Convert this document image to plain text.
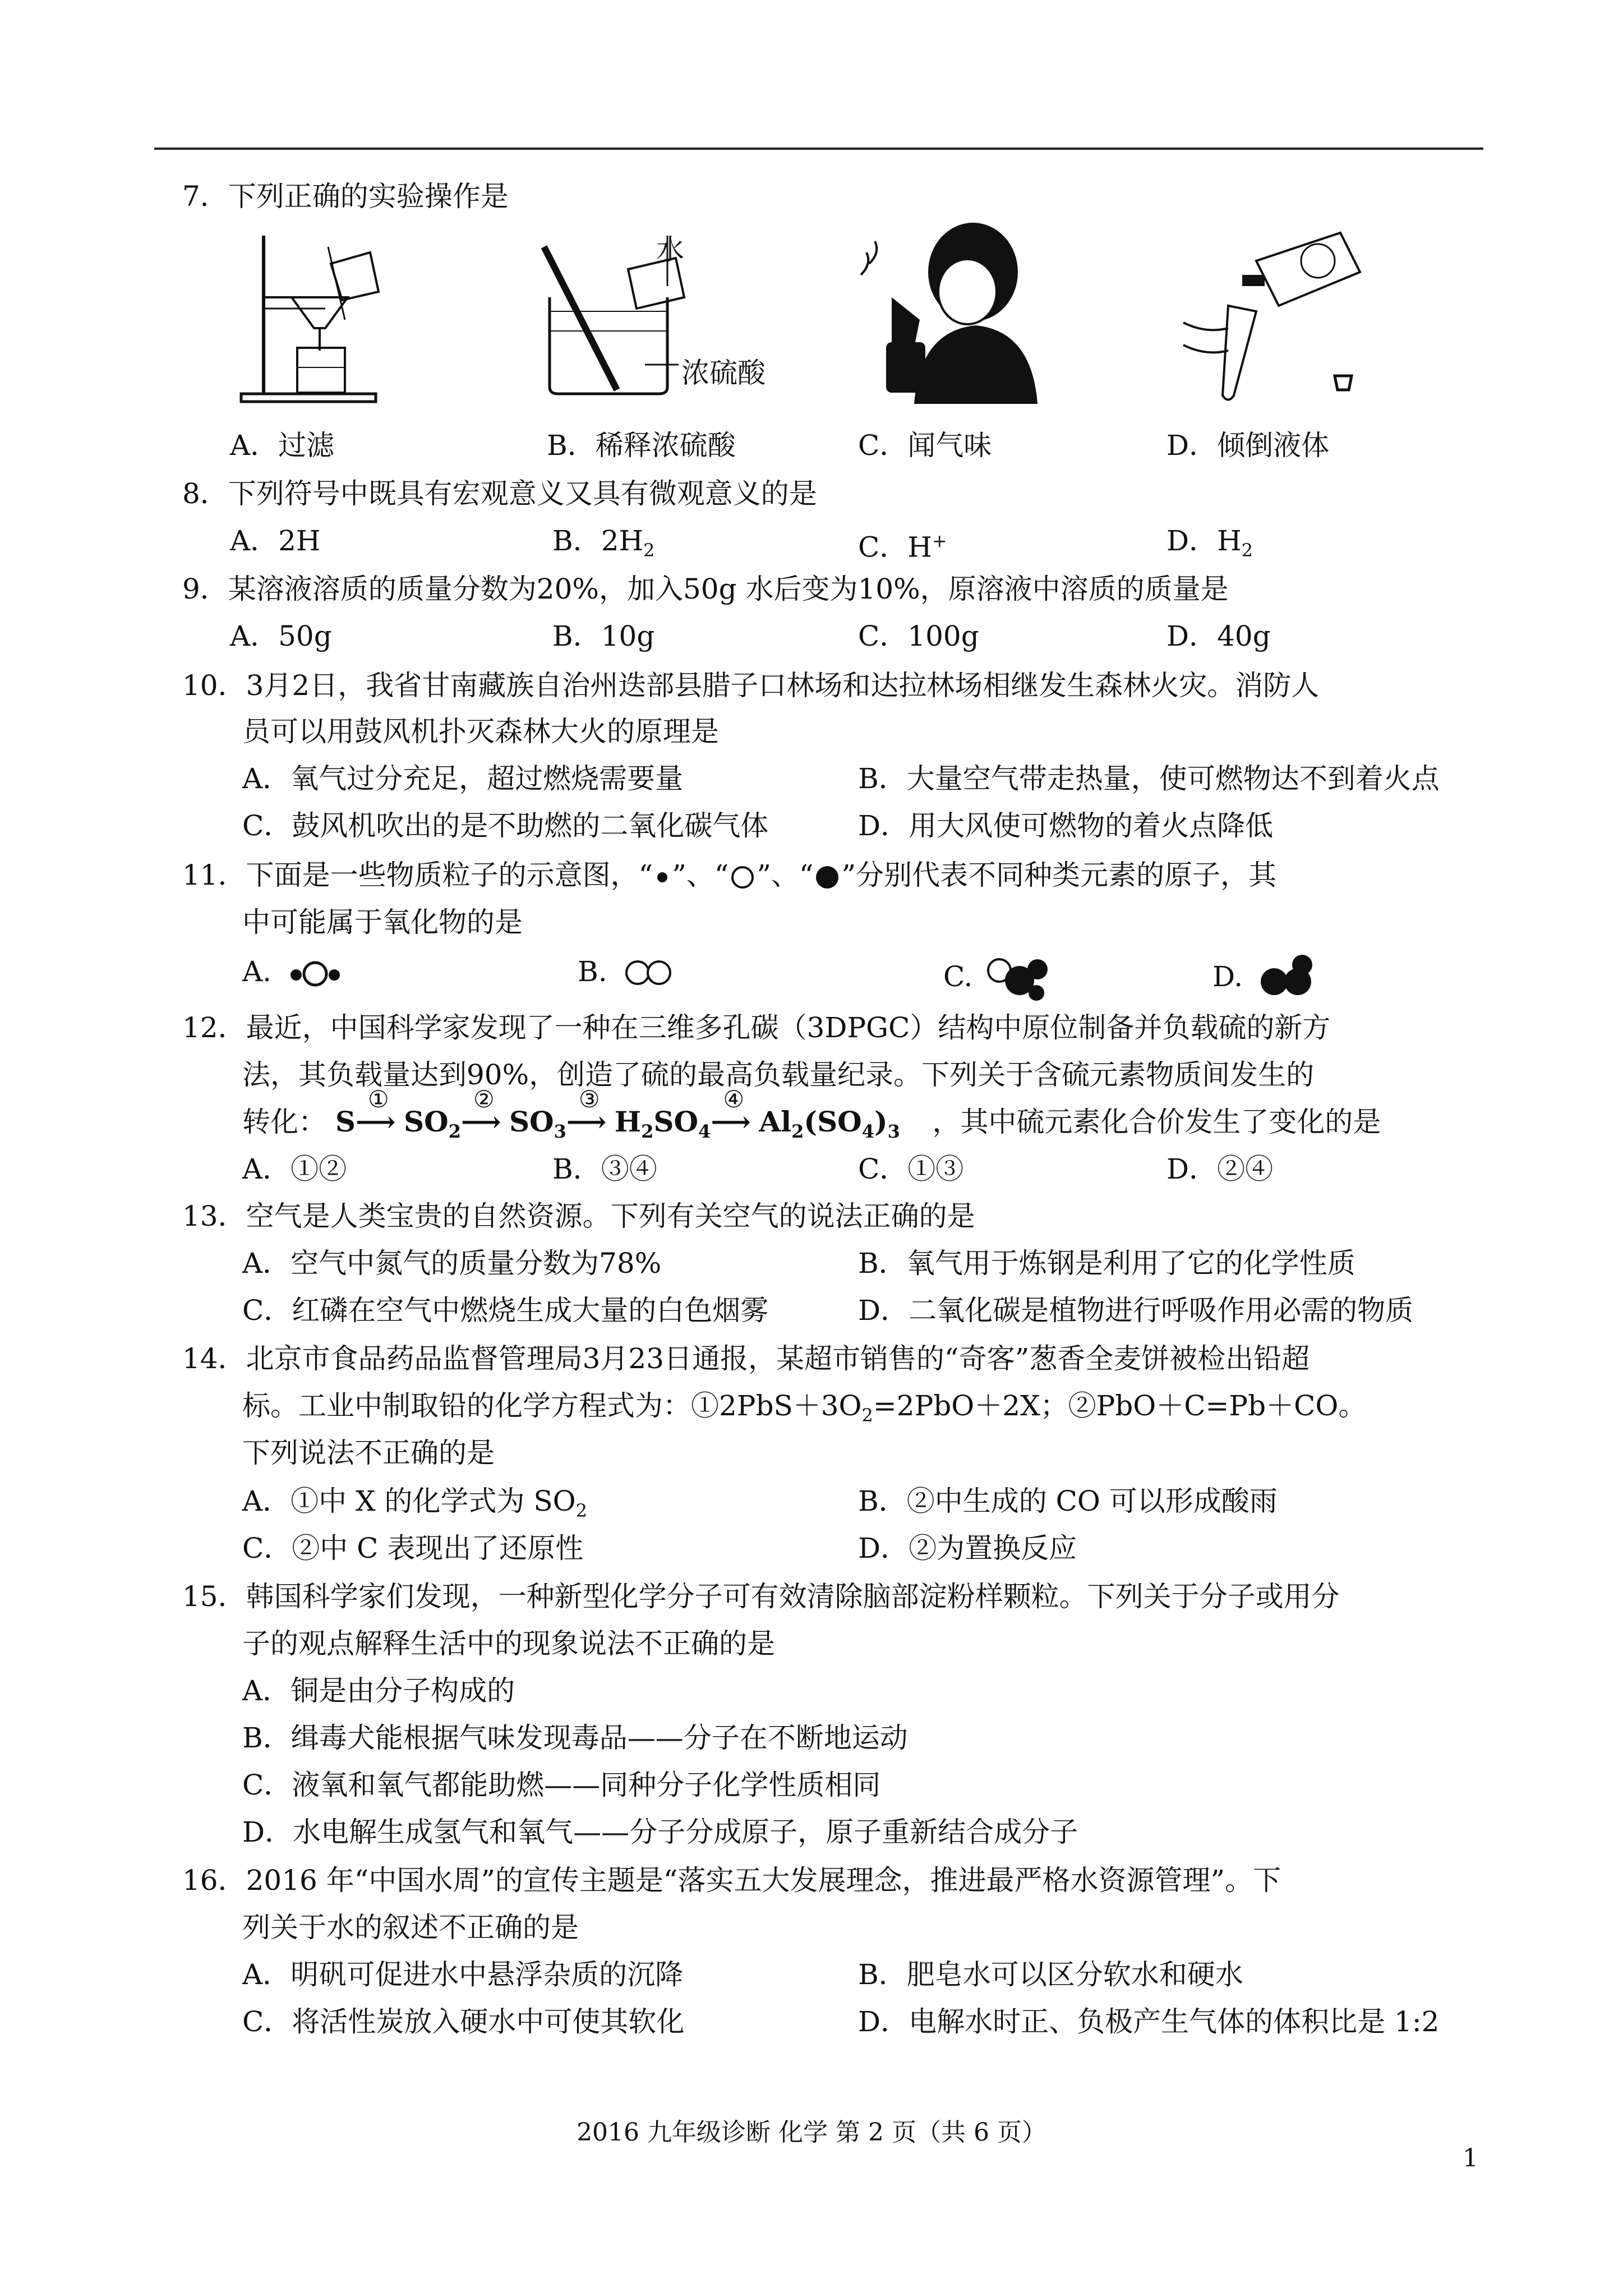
7．下列正确的实验操作是
水
浓硫酸
A．过滤	B．稀释浓硫酸	C．闻气味	D．倾倒液体
8．下列符号中既具有宏观意义又具有微观意义的是
A．2H	B．$2H_2$	C．H+	D．$H_2$
9．某溶液溶质的质量分数为20%，加入50g 水后变为10%，原溶液中溶质的质量是
A．50g	B．10g	C．100g	D．40g
10．3月2日，我省甘南藏族自治州迭部县腊子口林场和达拉林场相继发生森林火灾。消防人
员可以用鼓风机扑灭森林大火的原理是
A．氧气过分充足，超过燃烧需要量	B．大量空气带走热量，使可燃物达不到着火点
C．鼓风机吹出的是不助燃的二氧化碳气体	D．用大风使可燃物的着火点降低
11．下面是一些物质粒子的示意图，“ ”、“ ”、“ ”分别代表不同种类元素的原子，其
中可能属于氧化物的是
A.	B.	C.	D.
12．最近，中国科学家发现了一种在三维多孔碳（3DPGC）结构中原位制备并负载硫的新方
法，其负载量达到90%，创造了硫的最高负载量纪录。下列关于含硫元素物质间发生的
转化： S
①
⟶ $SO_2$
②
⟶ $SO_3$
③
⟶ $H_2SO_4$
④
⟶ $Al_2(SO_4)_3$ ，其中硫元素化合价发生了变化的是
A．①②	B．③④	C．①③	D．②④
13．空气是人类宝贵的自然资源。下列有关空气的说法正确的是
A．空气中氮气的质量分数为78%	B．氧气用于炼钢是利用了它的化学性质
C．红磷在空气中燃烧生成大量的白色烟雾	D．二氧化碳是植物进行呼吸作用必需的物质
14．北京市食品药品监督管理局3月23日通报，某超市销售的“奇客”葱香全麦饼被检出铅超
标。工业中制取铅的化学方程式为：$①2PbS+3O_2=2PbO+2X$；②PbO＋C=Pb＋CO。
下列说法不正确的是
A．①中 X 的化学式为 $SO_2$	B．②中生成的 CO 可以形成酸雨
C．②中 C 表现出了还原性	D．②为置换反应
15．韩国科学家们发现，一种新型化学分子可有效清除脑部淀粉样颗粒。下列关于分子或用分
子的观点解释生活中的现象说法不正确的是
A．铜是由分子构成的
B．缉毒犬能根据气味发现毒品——分子在不断地运动
C．液氧和氧气都能助燃——同种分子化学性质相同
D．水电解生成氢气和氧气——分子分成原子，原子重新结合成分子
16．2016 年“中国水周”的宣传主题是“落实五大发展理念，推进最严格水资源管理”。下
列关于水的叙述不正确的是
A．明矾可促进水中悬浮杂质的沉降	B．肥皂水可以区分软水和硬水
C．将活性炭放入硬水中可使其软化	D．电解水时正、负极产生气体的体积比是 1:2
2016 九年级诊断 化学 第 2 页（共 6 页）
1
